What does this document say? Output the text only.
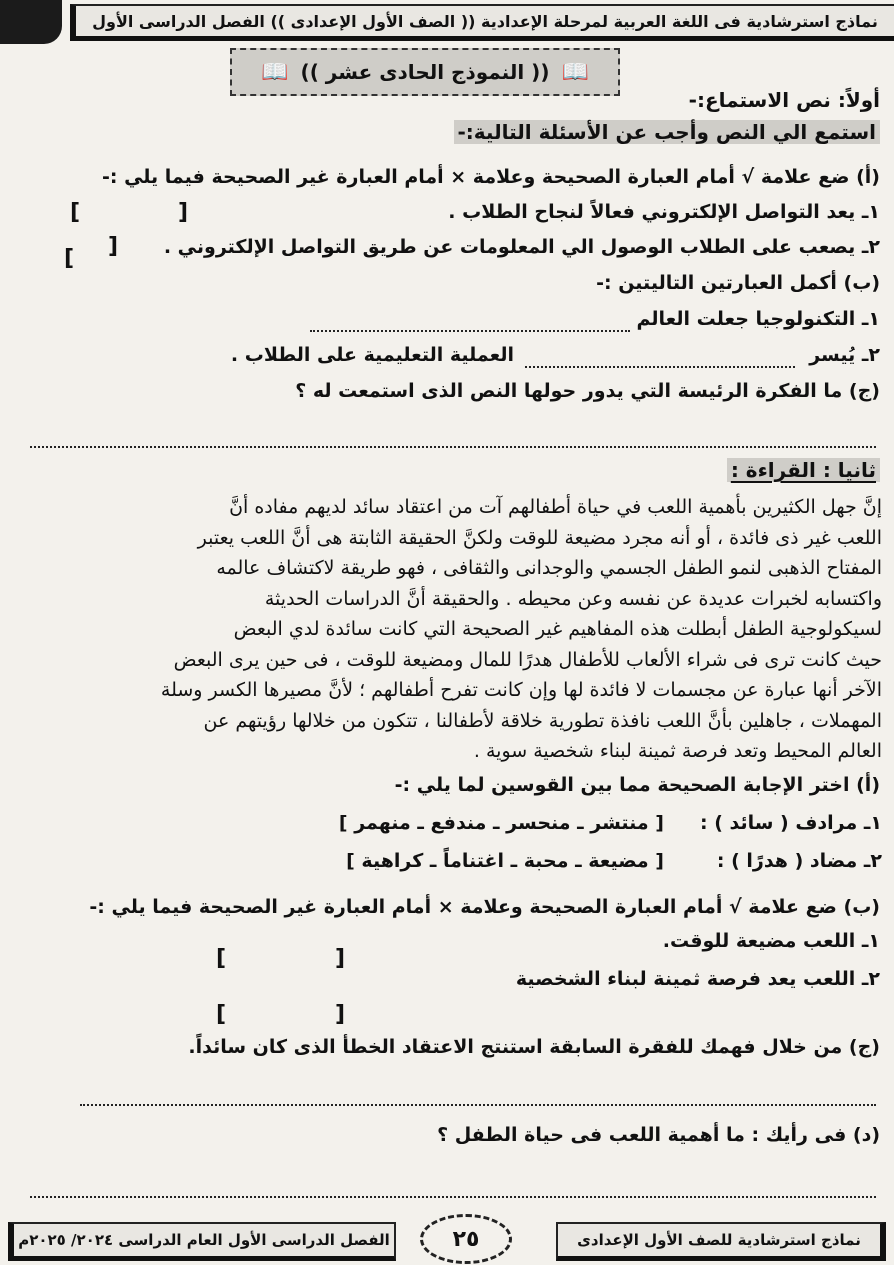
نماذج استرشادية فى اللغة العربية لمرحلة الإعدادية (( الصف الأول الإعدادى )) الفصل الدراسى الأول
📖
(( النموذج الحادى عشر ))
📖
أولاً: نص الاستماع:-
استمع الي النص وأجب عن الأسئلة التالية:-
(أ) ضع علامة √ أمام العبارة الصحيحة وعلامة × أمام العبارة غير الصحيحة فيما يلي :-
١ـ يعد التواصل الإلكتروني فعالاً لنجاح الطلاب .
[
]
٢ـ يصعب على الطلاب الوصول الي المعلومات عن طريق التواصل الإلكتروني .
[
]
(ب) أكمل العبارتين التاليتين :-
١ـ التكنولوجيا جعلت العالم
٢ـ يُيسر
العملية التعليمية على الطلاب .
(ج) ما الفكرة الرئيسة التي يدور حولها النص الذى استمعت له ؟
ثانيا : القراءة :
إنَّ جهل الكثيرين بأهمية اللعب في حياة أطفالهم آت من اعتقاد سائد لديهم مفاده أنَّ
اللعب غير ذى فائدة ، أو أنه مجرد مضيعة للوقت ولكنَّ الحقيقة الثابتة هى أنَّ اللعب يعتبر
المفتاح الذهبى لنمو الطفل الجسمي والوجدانى والثقافى ، فهو طريقة لاكتشاف عالمه
واكتسابه لخبرات عديدة عن نفسه وعن محيطه . والحقيقة أنَّ الدراسات الحديثة
لسيكولوجية الطفل أبطلت هذه المفاهيم غير الصحيحة التي كانت سائدة لدي البعض
حيث كانت ترى فى شراء الألعاب للأطفال هدرًا للمال ومضيعة للوقت ، فى حين يرى البعض
الآخر أنها عبارة عن مجسمات لا فائدة لها وإن كانت تفرح أطفالهم ؛ لأنَّ مصيرها الكسر وسلة
المهملات ، جاهلين بأنَّ اللعب نافذة تطورية خلاقة لأطفالنا ، تتكون من خلالها رؤيتهم عن
العالم المحيط وتعد فرصة ثمينة لبناء شخصية سوية .
(أ) اختر الإجابة الصحيحة مما بين القوسين لما يلي :-
١ـ مرادف ( سائد ) :
[ منتشر ـ منحسر ـ مندفع ـ منهمر ]
٢ـ مضاد ( هدرًا ) :
[ مضيعة ـ محبة ـ اغتناماً ـ كراهية ]
(ب) ضع علامة √ أمام العبارة الصحيحة وعلامة × أمام العبارة غير الصحيحة فيما يلي :-
١ـ اللعب مضيعة للوقت.
[
]
٢ـ اللعب يعد فرصة ثمينة لبناء الشخصية
[
]
(ج) من خلال فهمك للفقرة السابقة استنتج الاعتقاد الخطأ الذى كان سائداً.
(د) فى رأيك : ما أهمية اللعب فى حياة الطفل ؟
نماذج استرشادية للصف الأول الإعدادى
٢٥
الفصل الدراسى الأول العام الدراسى ٢٠٢٤/ ٢٠٢٥م
